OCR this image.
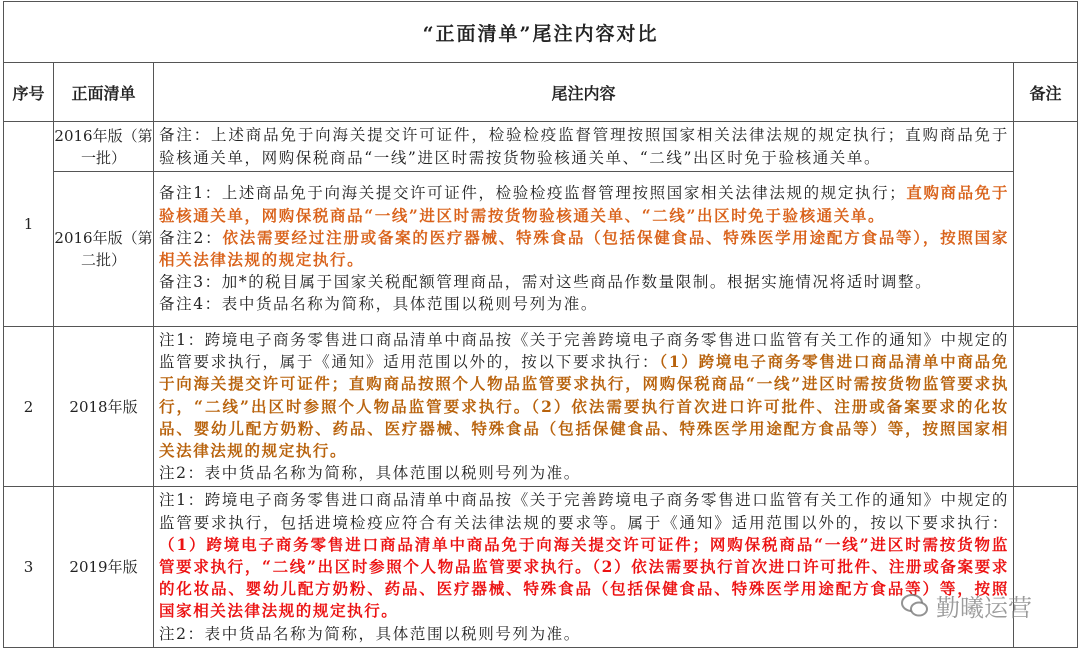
“正面清单”尾注内容对比			
序号	正面清单	尾注内容	备注
1	2016年版（第一批）	备注：上述商品免于向海关提交许可证件，检验检疫监督管理按照国家相关法律法规的规定执行；直购商品免于验核通关单，网购保税商品“一线”进区时需按货物验核通关单、“二线”出区时免于验核通关单。	

	2016年版（第二批）	备注1：上述商品免于向海关提交许可证件，检验检疫监督管理按照国家相关法律法规的规定执行；直购商品免于验核通关单，网购保税商品“一线”进区时需按货物验核通关单、“二线”出区时免于验核通关单。
备注2：依法需要经过注册或备案的医疗器械、特殊食品（包括保健食品、特殊医学用途配方食品等），按照国家相关法律法规的规定执行。
备注3：加*的税目属于国家关税配额管理商品，需对这些商品作数量限制。根据实施情况将适时调整。
备注4：表中货品名称为简称，具体范围以税则号列为准。	

2	2018年版	注1：跨境电子商务零售进口商品清单中商品按《关于完善跨境电子商务零售进口监管有关工作的通知》中规定的监管要求执行，属于《通知》适用范围以外的，按以下要求执行：（1）跨境电子商务零售进口商品清单中商品免于向海关提交许可证件；直购商品按照个人物品监管要求执行，网购保税商品“一线”进区时需按货物监管要求执行，“二线”出区时参照个人物品监管要求执行。（2）依法需要执行首次进口许可批件、注册或备案要求的化妆品、婴幼儿配方奶粉、药品、医疗器械、特殊食品（包括保健食品、特殊医学用途配方食品等）等，按照国家相关法律法规的规定执行。
注2：表中货品名称为简称，具体范围以税则号列为准。	

3	2019年版	注1：跨境电子商务零售进口商品清单中商品按《关于完善跨境电子商务零售进口监管有关工作的通知》中规定的监管要求执行，包括进境检疫应符合有关法律法规的要求等。属于《通知》适用范围以外的，按以下要求执行：（1）跨境电子商务零售进口商品清单中商品免于向海关提交许可证件；网购保税商品“一线”进区时需按货物监管要求执行，“二线”出区时参照个人物品监管要求执行。（2）依法需要执行首次进口许可批件、注册或备案要求的化妆品、婴幼儿配方奶粉、药品、医疗器械、特殊食品（包括保健食品、特殊医学用途配方食品等）等，按照国家相关法律法规的规定执行。
注2：表中货品名称为简称，具体范围以税则号列为准。	

勤曦运营
